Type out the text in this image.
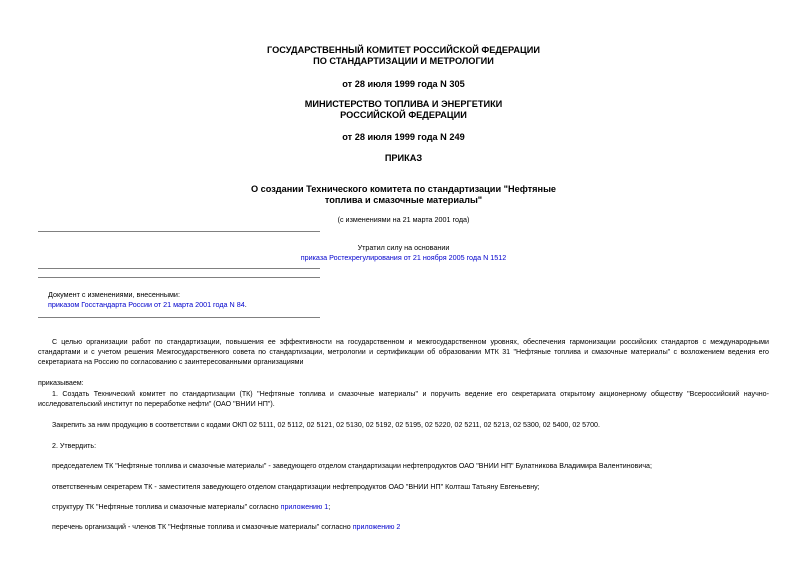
ГОСУДАРСТВЕННЫЙ КОМИТЕТ РОССИЙСКОЙ ФЕДЕРАЦИИ
ПО СТАНДАРТИЗАЦИИ И МЕТРОЛОГИИ
от 28 июля 1999 года N 305
МИНИСТЕРСТВО ТОПЛИВА И ЭНЕРГЕТИКИ
РОССИЙСКОЙ ФЕДЕРАЦИИ
от 28 июля 1999 года N 249
ПРИКАЗ
О создании Технического комитета по стандартизации "Нефтяные
топлива и смазочные материалы"
(с изменениями на 21 марта 2001 года)
Утратил силу на основании
приказа Ростехрегулирования от 21 ноября 2005 года N 1512
Документ с изменениями, внесенными:
приказом Госстандарта России от 21 марта 2001 года N 84.
С целью организации работ по стандартизации, повышения ее эффективности на государственном и межгосударственном уровнях, обеспечения гармонизации российских стандартов с международными стандартами и с учетом решения Межгосударственного совета по стандартизации, метрологии и сертификации об образовании МТК 31 "Нефтяные топлива и смазочные материалы" с возложением ведения его секретариата на Россию по согласованию с заинтересованными организациями
приказываем:
1. Создать Технический комитет по стандартизации (ТК) "Нефтяные топлива и смазочные материалы" и поручить ведение его секретариата открытому акционерному обществу "Всероссийский научно-исследовательский институт по переработке нефти" (ОАО "ВНИИ НП").
Закрепить за ним продукцию в соответствии с кодами ОКП 02 5111, 02 5112, 02 5121, 02 5130, 02 5192, 02 5195, 02 5220, 02 5211, 02 5213, 02 5300, 02 5400, 02 5700.
2. Утвердить:
председателем ТК "Нефтяные топлива и смазочные материалы" - заведующего отделом стандартизации нефтепродуктов ОАО "ВНИИ НП" Булатникова Владимира Валентиновича;
ответственным секретарем ТК - заместителя заведующего отделом стандартизации нефтепродуктов ОАО "ВНИИ НП" Колташ Татьяну Евгеньевну;
структуру ТК "Нефтяные топлива и смазочные материалы" согласно приложению 1;
перечень организаций - членов ТК "Нефтяные топлива и смазочные материалы" согласно приложению 2
